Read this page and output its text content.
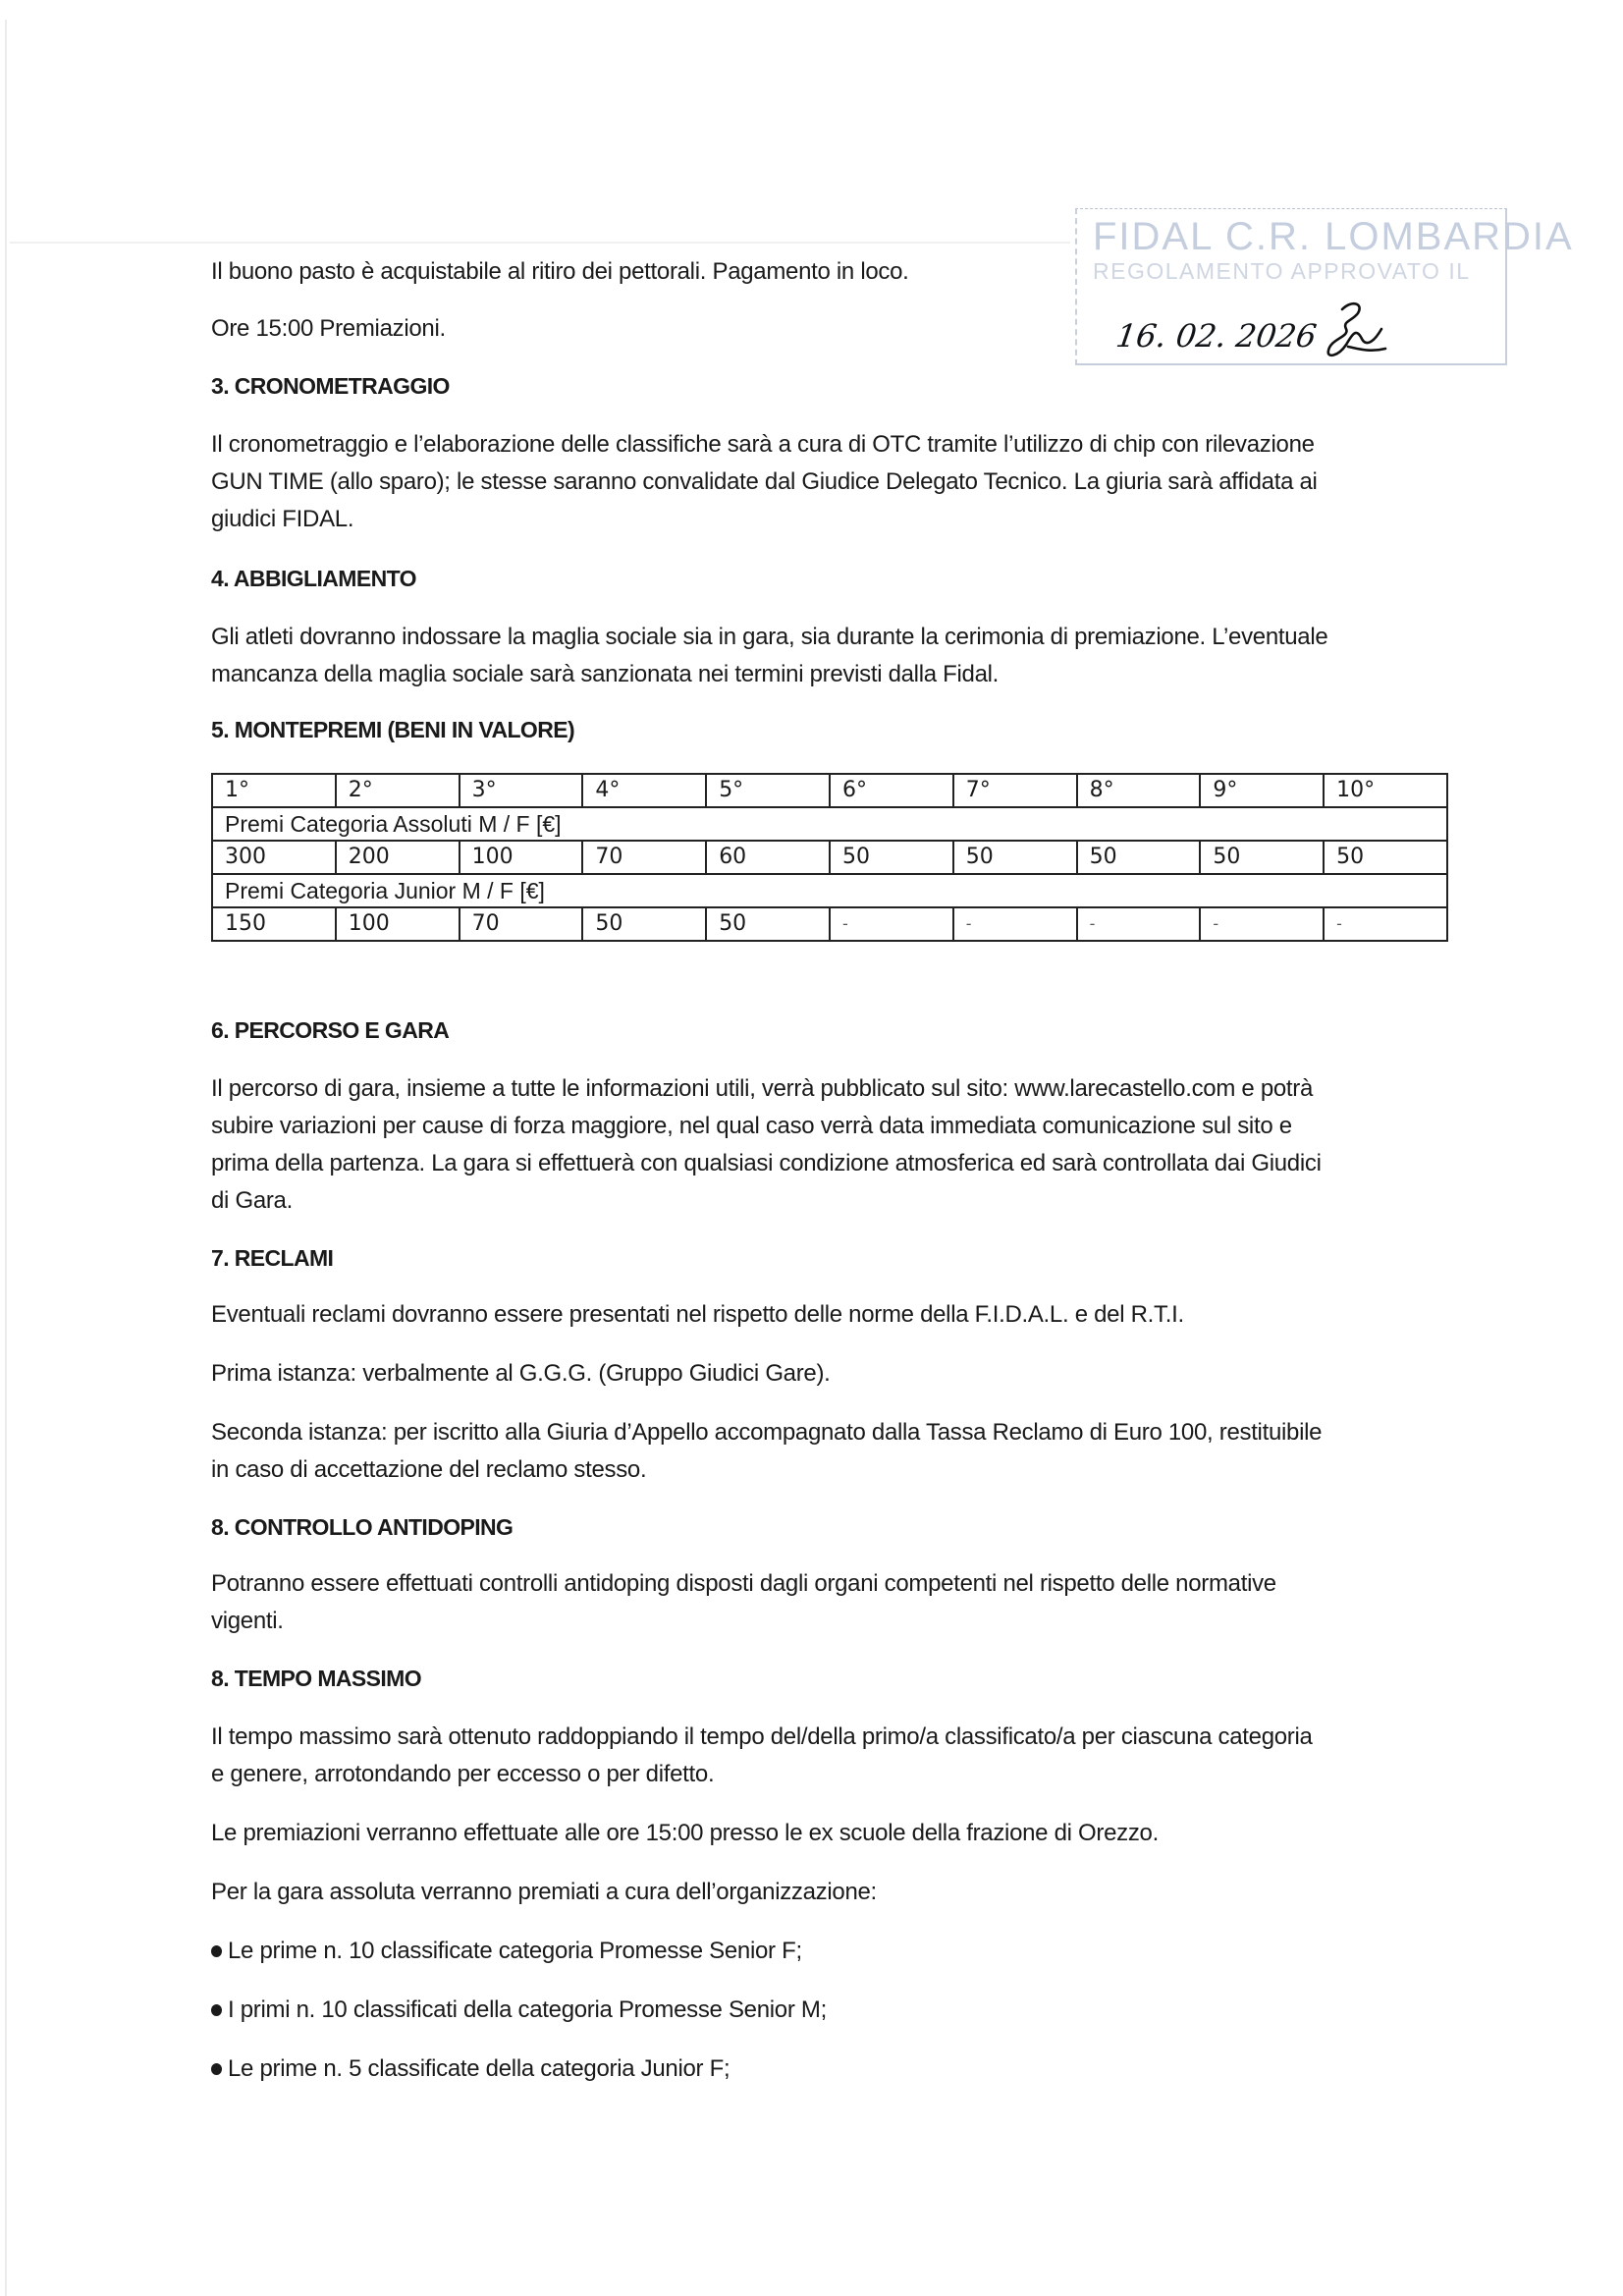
FIDAL C.R. LOMBARDIA
REGOLAMENTO APPROVATO IL
16. 02. 2026
Il buono pasto è acquistabile al ritiro dei pettorali. Pagamento in loco.
Ore 15:00 Premiazioni.
3. CRONOMETRAGGIO
Il cronometraggio e l’elaborazione delle classifiche sarà a cura di OTC tramite l’utilizzo di chip con rilevazione
GUN TIME (allo sparo); le stesse saranno convalidate dal Giudice Delegato Tecnico. La giuria sarà affidata ai
giudici FIDAL.
4. ABBIGLIAMENTO
Gli atleti dovranno indossare la maglia sociale sia in gara, sia durante la cerimonia di premiazione. L’eventuale
mancanza della maglia sociale sarà sanzionata nei termini previsti dalla Fidal.
5. MONTEPREMI (BENI IN VALORE)
1°	2°	3°	4°	5°	6°	7°	8°	9°	10°
Premi Categoria Assoluti M / F [€]									
300	200	100	70	60	50	50	50	50	50
Premi Categoria Junior M / F [€]									
150	100	70	50	50	-	-	-	-	-
6. PERCORSO E GARA
Il percorso di gara, insieme a tutte le informazioni utili, verrà pubblicato sul sito: www.larecastello.com e potrà
subire variazioni per cause di forza maggiore, nel qual caso verrà data immediata comunicazione sul sito e
prima della partenza. La gara si effettuerà con qualsiasi condizione atmosferica ed sarà controllata dai Giudici
di Gara.
7. RECLAMI
Eventuali reclami dovranno essere presentati nel rispetto delle norme della F.I.D.A.L. e del R.T.I.
Prima istanza: verbalmente al G.G.G. (Gruppo Giudici Gare).
Seconda istanza: per iscritto alla Giuria d’Appello accompagnato dalla Tassa Reclamo di Euro 100, restituibile
in caso di accettazione del reclamo stesso.
8. CONTROLLO ANTIDOPING
Potranno essere effettuati controlli antidoping disposti dagli organi competenti nel rispetto delle normative
vigenti.
8. TEMPO MASSIMO
Il tempo massimo sarà ottenuto raddoppiando il tempo del/della primo/a classificato/a per ciascuna categoria
e genere, arrotondando per eccesso o per difetto.
Le premiazioni verranno effettuate alle ore 15:00 presso le ex scuole della frazione di Orezzo.
Per la gara assoluta verranno premiati a cura dell’organizzazione:
Le prime n. 10 classificate categoria Promesse Senior F;
I primi n. 10 classificati della categoria Promesse Senior M;
Le prime n. 5 classificate della categoria Junior F;
